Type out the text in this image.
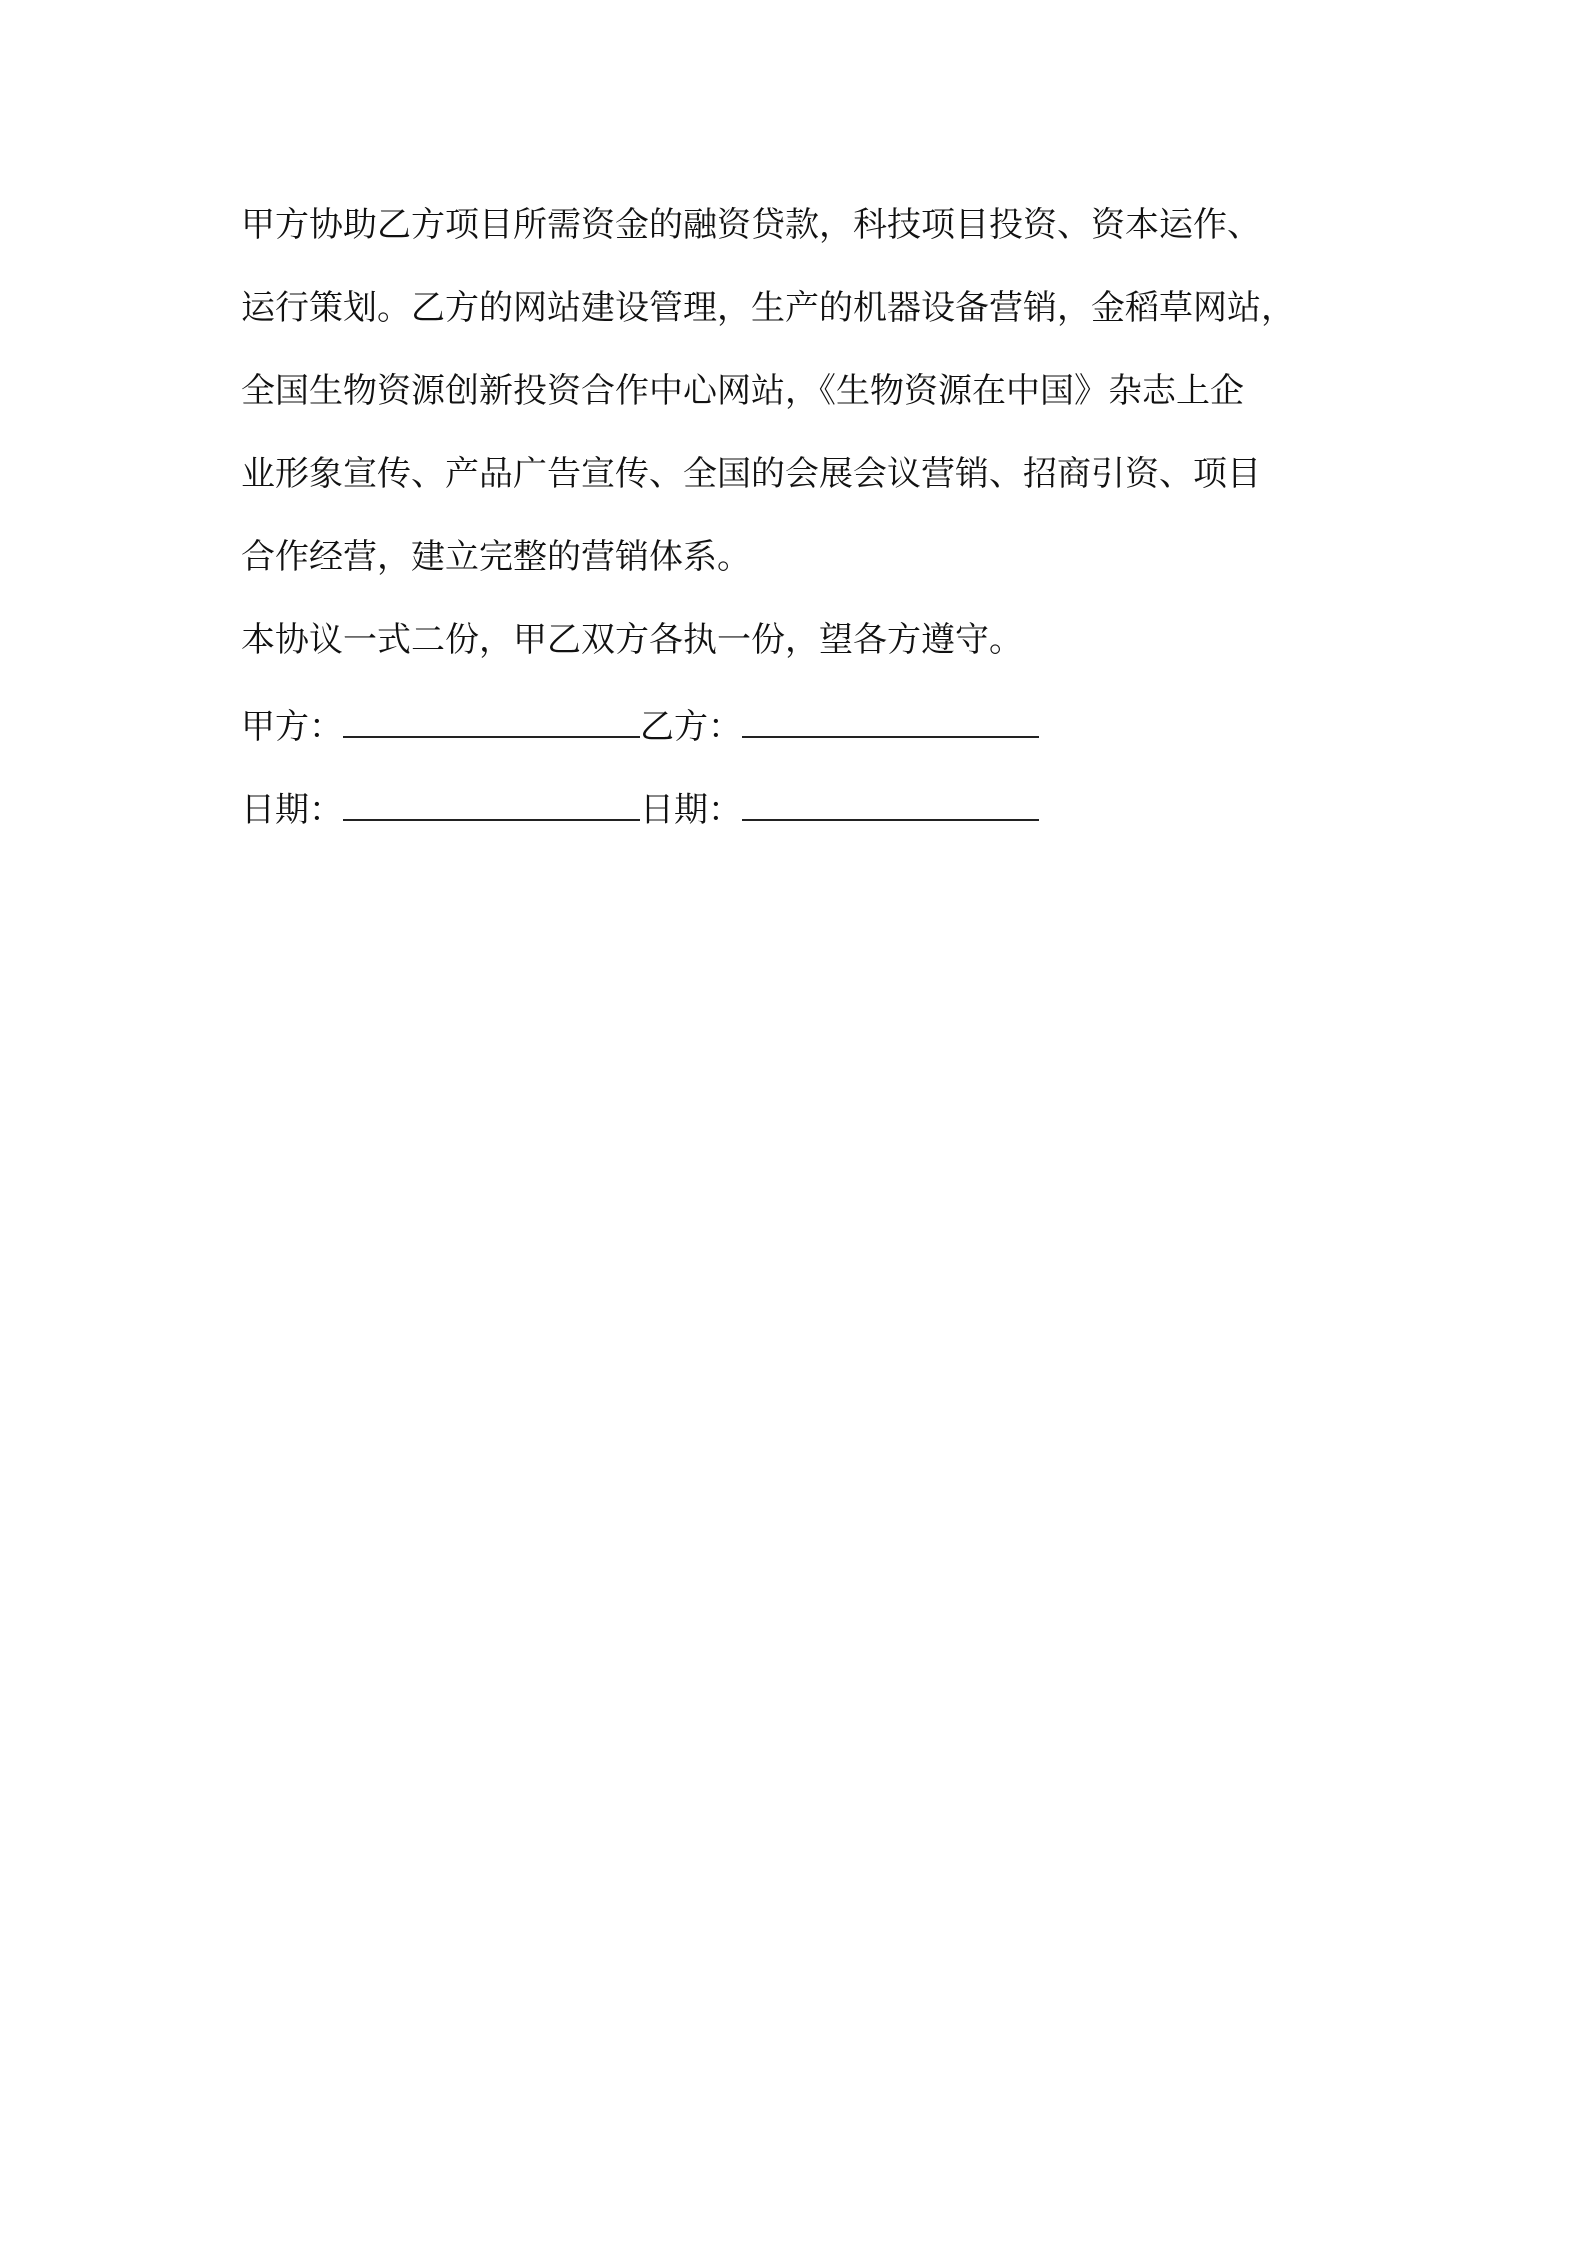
甲方协助乙方项目所需资金的融资贷款，科技项目投资、资本运作、
运行策划。乙方的网站建设管理，生产的机器设备营销，金稻草网站，
全国生物资源创新投资合作中心网站，《生物资源在中国》杂志上企
业形象宣传、产品广告宣传、全国的会展会议营销、招商引资、项目
合作经营，建立完整的营销体系。
本协议一式二份，甲乙双方各执一份，望各方遵守。
甲方：	乙方：
日期：	日期：
